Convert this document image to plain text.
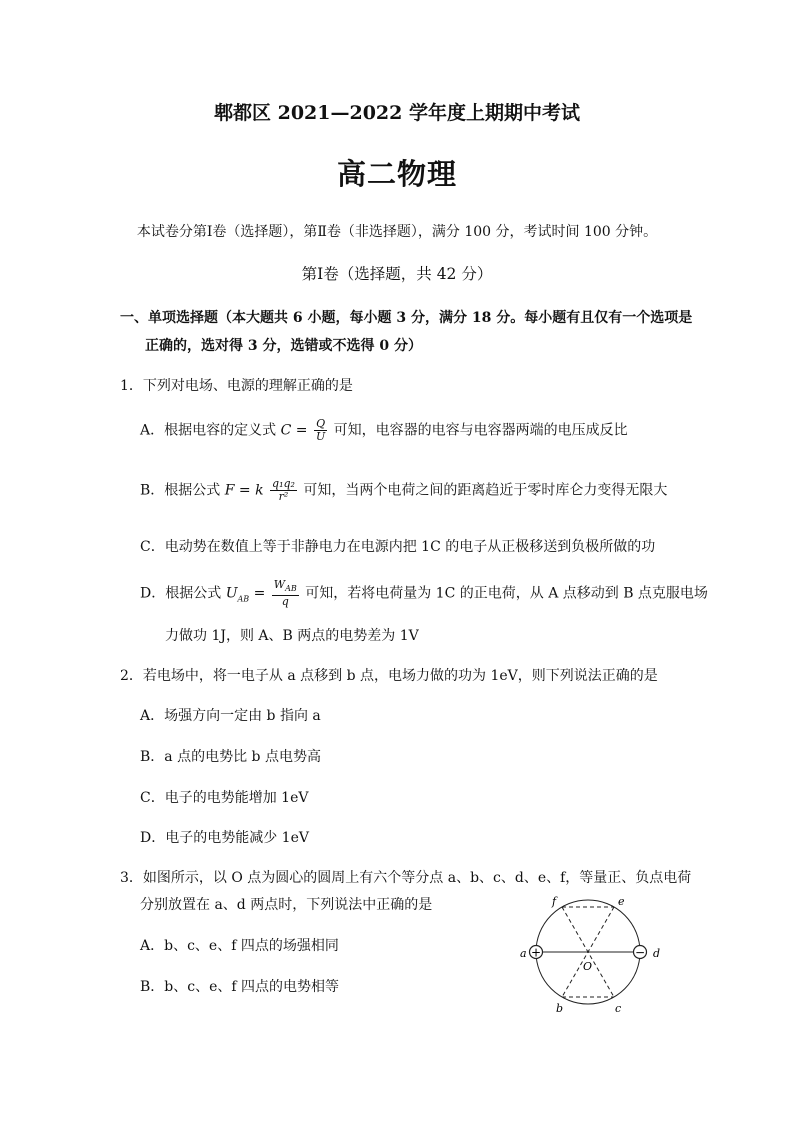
郫都区 2021—2022 学年度上期期中考试
高二物理
本试卷分第Ⅰ卷（选择题），第Ⅱ卷（非选择题），满分 100 分，考试时间 100 分钟。
第Ⅰ卷（选择题，共 42 分）
一、单项选择题（本大题共 6 小题，每小题 3 分，满分 18 分。每小题有且仅有一个选项是
正确的，选对得 3 分，选错或不选得 0 分）
1．下列对电场、电源的理解正确的是
A．根据电容的定义式 $C = \frac{Q}{U}$ 可知，电容器的电容与电容器两端的电压成反比
B．根据公式 F = k $\frac{\text{q₁q₂}}{\text{r²}}$ 可知，当两个电荷之间的距离趋近于零时库仑力变得无限大
C．电动势在数值上等于非静电力在电源内把 1C 的电子从正极移送到负极所做的功
D．根据公式 $U_{AB} = \frac{W_{AB}}{q}$ 可知，若将电荷量为 1C 的正电荷，从 A 点移动到 B 点克服电场
力做功 1J，则 A、B 两点的电势差为 1V
2．若电场中，将一电子从 a 点移到 b 点，电场力做的功为 1eV，则下列说法正确的是
A．场强方向一定由 b 指向 a
B．a 点的电势比 b 点电势高
C．电子的电势能增加 1eV
D．电子的电势能减少 1eV
3．如图所示，以 O 点为圆心的圆周上有六个等分点 a、b、c、d、e、f，等量正、负点电荷
分别放置在 a、d 两点时，下列说法中正确的是
A．b、c、e、f 四点的场强相同
B．b、c、e、f 四点的电势相等
+	−
a	d
f	e
b	c
O
